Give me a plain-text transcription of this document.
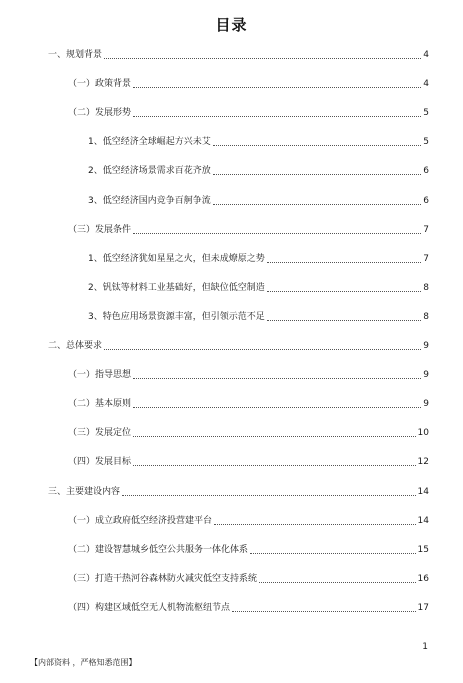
目录
一、规划背景	4
（一）政策背景	4
（二）发展形势	5
1、低空经济全球崛起方兴未艾	5
2、低空经济场景需求百花齐放	6
3、低空经济国内竞争百舸争流	6
（三）发展条件	7
1、低空经济犹如星星之火，但未成燎原之势	7
2、钒钛等材料工业基础好，但缺位低空制造	8
3、特色应用场景资源丰富，但引领示范不足	8
二、总体要求	9
（一）指导思想	9
（二）基本原则	9
（三）发展定位	10
（四）发展目标	12
三、主要建设内容	14
（一）成立政府低空经济投营建平台	14
（二）建设智慧城乡低空公共服务一体化体系	15
（三）打造干热河谷森林防火减灾低空支持系统	16
（四）构建区域低空无人机物流枢纽节点	17
1
【内部资料 ，严格知悉范围】
